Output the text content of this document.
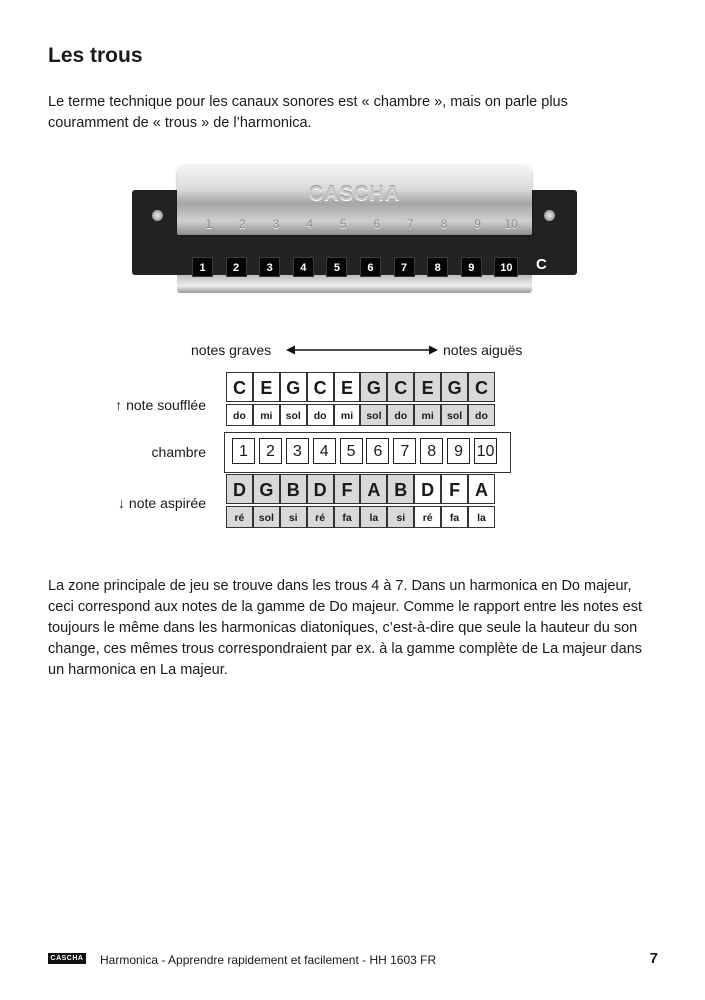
Les trous

Le terme technique pour les canaux sonores est « chambre », mais on parle plus couramment de « trous » de l’harmonica.

CASCHA
1	2	3	4	5	6	7	8	9	10
1	2	3	4	5	6	7	8	9	10	C
notes graves	notes aiguës
↑ note soufflée
chambre
↓ note aspirée
C E G C E G C E G C
do	mi	sol	do	mi	sol	do	mi	sol	do
1	2	3	4	5	6	7	8	9 10
D G B D F A B D F A
ré	sol	si	ré	fa	la	si	ré	fa	la

La zone principale de jeu se trouve dans les trous 4 à 7. Dans un harmonica en Do majeur, ceci correspond aux notes de la gamme de Do majeur. Comme le rapport entre les notes est toujours le même dans les harmonicas diatoniques, c’est-à-dire que seule la hauteur du son change, ces mêmes trous correspondraient par ex. à la gamme complète de La majeur dans un harmonica en La majeur.

CASCHA Harmonica - Apprendre rapidement et facilement - HH 1603 FR	7
